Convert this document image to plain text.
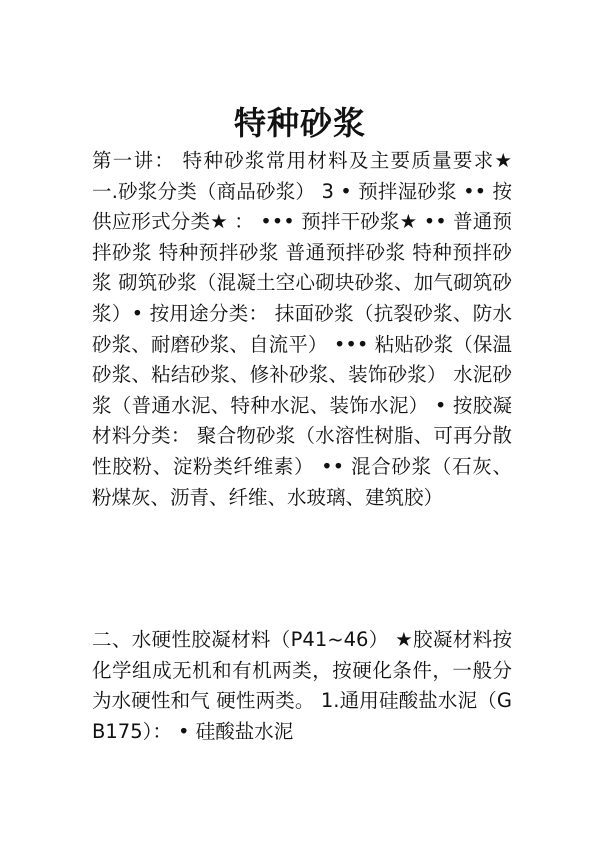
特种砂浆

第一讲： 特种砂浆常用材料及主要质量要求★ 一.砂浆分类（商品砂浆） 3 • 预拌湿砂浆 •• 按供应形式分类★ ： ••• 预拌干砂浆★ •• 普通预拌砂浆 特种预拌砂浆 普通预拌砂浆 特种预拌砂浆 砌筑砂浆（混凝土空心砌块砂浆、加气砌筑砂浆）• 按用途分类： 抹面砂浆（抗裂砂浆、防水砂浆、耐磨砂浆、自流平） ••• 粘贴砂浆（保温砂浆、粘结砂浆、修补砂浆、装饰砂浆） 水泥砂浆（普通水泥、特种水泥、装饰水泥） • 按胶凝材料分类： 聚合物砂浆（水溶性树脂、可再分散性胶粉、淀粉类纤维素） •• 混合砂浆（石灰、粉煤灰、沥青、纤维、水玻璃、建筑胶）

二、水硬性胶凝材料（P41~46） ★胶凝材料按化学组成无机和有机两类，按硬化条件，一般分为水硬性和气 硬性两类。 1.通用硅酸盐水泥（GB175）： • 硅酸盐水泥
